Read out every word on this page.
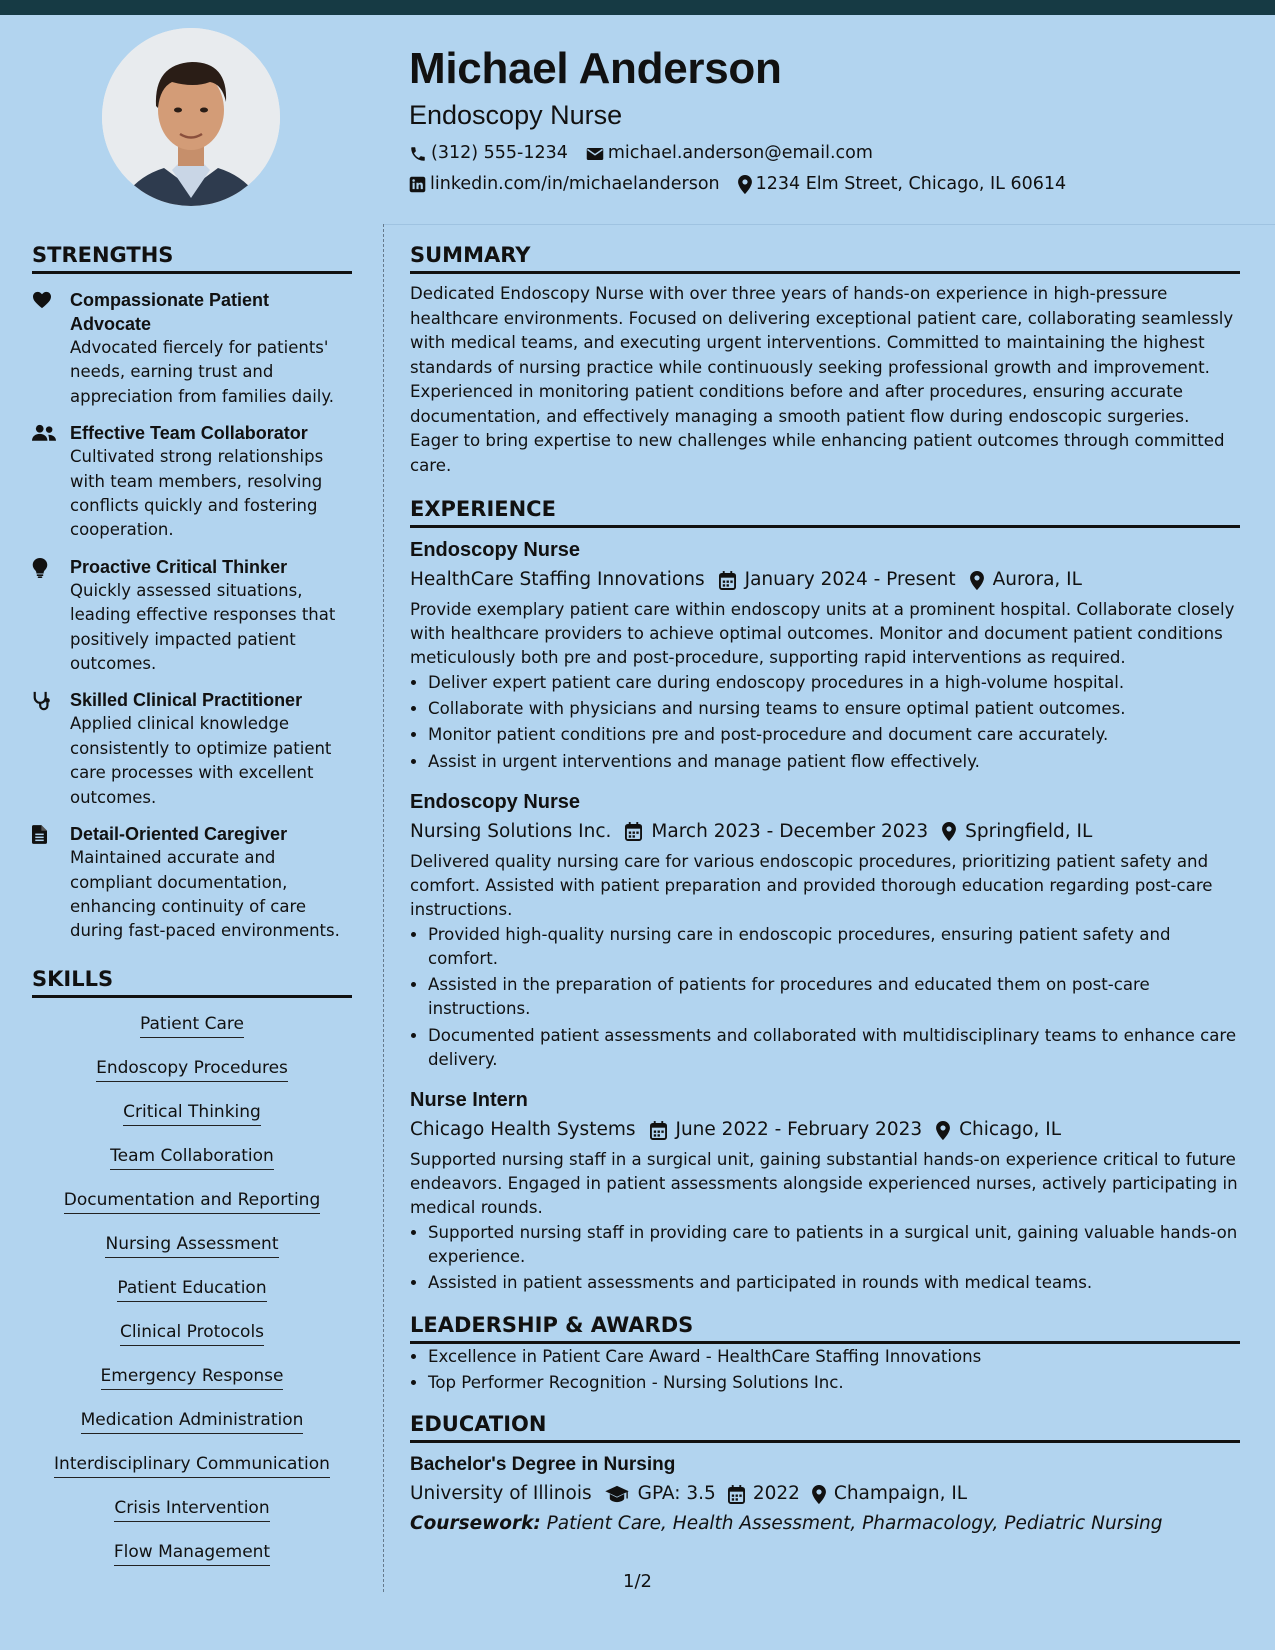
Michael Anderson
Endoscopy Nurse
(312) 555-1234 michael.anderson@email.com
linkedin.com/in/michaelanderson 1234 Elm Street, Chicago, IL 60614
STRENGTHS
Compassionate Patient Advocate
Advocated fiercely for patients' needs, earning trust and appreciation from families daily.
Effective Team Collaborator
Cultivated strong relationships with team members, resolving conflicts quickly and fostering cooperation.
Proactive Critical Thinker
Quickly assessed situations, leading effective responses that positively impacted patient outcomes.
Skilled Clinical Practitioner
Applied clinical knowledge consistently to optimize patient care processes with excellent outcomes.
Detail-Oriented Caregiver
Maintained accurate and compliant documentation, enhancing continuity of care during fast-paced environments.
SKILLS
Patient Care
Endoscopy Procedures
Critical Thinking
Team Collaboration
Documentation and Reporting
Nursing Assessment
Patient Education
Clinical Protocols
Emergency Response
Medication Administration
Interdisciplinary Communication
Crisis Intervention
Flow Management
SUMMARY

Dedicated Endoscopy Nurse with over three years of hands-on experience in high-pressure healthcare environments. Focused on delivering exceptional patient care, collaborating seamlessly with medical teams, and executing urgent interventions. Committed to maintaining the highest standards of nursing practice while continuously seeking professional growth and improvement. Experienced in monitoring patient conditions before and after procedures, ensuring accurate documentation, and effectively managing a smooth patient flow during endoscopic surgeries. Eager to bring expertise to new challenges while enhancing patient outcomes through committed care.

EXPERIENCE
Endoscopy Nurse
HealthCare Staffing Innovations January 2024 - Present Aurora, IL
Provide exemplary patient care within endoscopy units at a prominent hospital. Collaborate closely with healthcare providers to achieve optimal outcomes. Monitor and document patient conditions meticulously both pre and post-procedure, supporting rapid interventions as required.
• Deliver expert patient care during endoscopy procedures in a high-volume hospital.
• Collaborate with physicians and nursing teams to ensure optimal patient outcomes.
• Monitor patient conditions pre and post-procedure and document care accurately.
• Assist in urgent interventions and manage patient flow effectively.
Endoscopy Nurse
Nursing Solutions Inc. March 2023 - December 2023 Springfield, IL
Delivered quality nursing care for various endoscopic procedures, prioritizing patient safety and comfort. Assisted with patient preparation and provided thorough education regarding post-care instructions.
• Provided high-quality nursing care in endoscopic procedures, ensuring patient safety and comfort.
• Assisted in the preparation of patients for procedures and educated them on post-care instructions.
• Documented patient assessments and collaborated with multidisciplinary teams to enhance care delivery.
Nurse Intern
Chicago Health Systems June 2022 - February 2023 Chicago, IL
Supported nursing staff in a surgical unit, gaining substantial hands-on experience critical to future endeavors. Engaged in patient assessments alongside experienced nurses, actively participating in medical rounds.
• Supported nursing staff in providing care to patients in a surgical unit, gaining valuable hands-on experience.
• Assisted in patient assessments and participated in rounds with medical teams.
LEADERSHIP & AWARDS
• Excellence in Patient Care Award - HealthCare Staffing Innovations
• Top Performer Recognition - Nursing Solutions Inc.
EDUCATION
Bachelor's Degree in Nursing
University of Illinois GPA: 3.5 2022 Champaign, IL
Coursework: Patient Care, Health Assessment, Pharmacology, Pediatric Nursing
1/2
